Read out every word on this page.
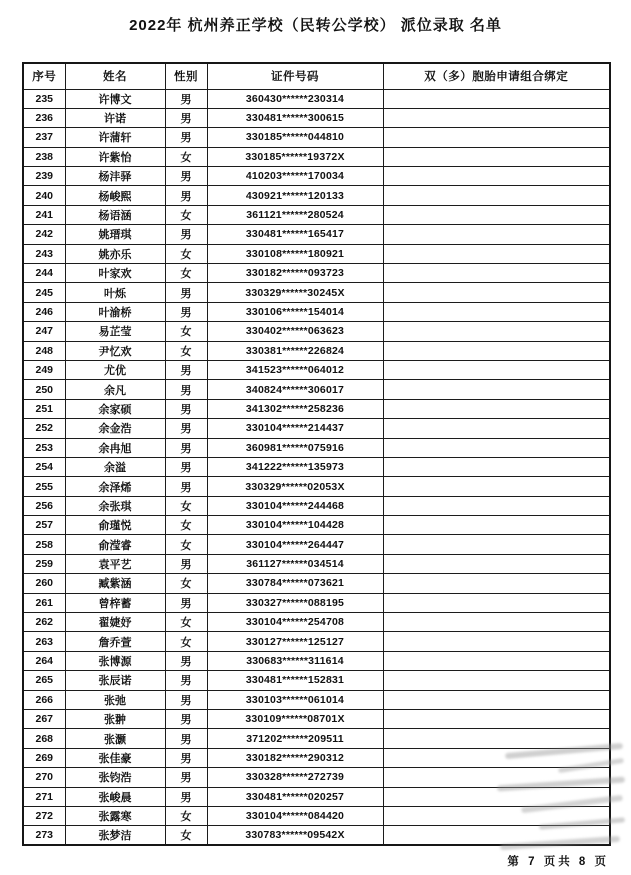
2022年 杭州养正学校（民转公学校） 派位录取 名单
序号	姓名	性别	证件号码	双（多）胞胎申请组合绑定
235	许博文	男	360430******230314	
236	许诺	男	330481******300615	
237	许蒲轩	男	330185******044810	
238	许紫怡	女	330185******19372X	
239	杨沣驿	男	410203******170034	
240	杨峻熙	男	430921******120133	
241	杨语涵	女	361121******280524	
242	姚瑨琪	男	330481******165417	
243	姚亦乐	女	330108******180921	
244	叶家欢	女	330182******093723	
245	叶烁	男	330329******30245X	
246	叶渝桥	男	330106******154014	
247	易芷莹	女	330402******063623	
248	尹忆欢	女	330381******226824	
249	尤优	男	341523******064012	
250	余凡	男	340824******306017	
251	余家硕	男	341302******258236	
252	余金浩	男	330104******214437	
253	余冉旭	男	360981******075916	
254	余溢	男	341222******135973	
255	余泽烯	男	330329******02053X	
256	余张琪	女	330104******244468	
257	俞瑾悦	女	330104******104428	
258	俞滢睿	女	330104******264447	
259	袁平艺	男	361127******034514	
260	臧紫涵	女	330784******073621	
261	曾梓蓄	男	330327******088195	
262	翟婕妤	女	330104******254708	
263	詹乔萱	女	330127******125127	
264	张博源	男	330683******311614	
265	张辰诺	男	330481******152831	
266	张弛	男	330103******061014	
267	张翀	男	330109******08701X	
268	张灏	男	371202******209511	
269	张佳豪	男	330182******290312	
270	张钧浩	男	330328******272739	
271	张峻晨	男	330481******020257	
272	张露寒	女	330104******084420	
273	张梦洁	女	330783******09542X	
第 7 页共 8 页
